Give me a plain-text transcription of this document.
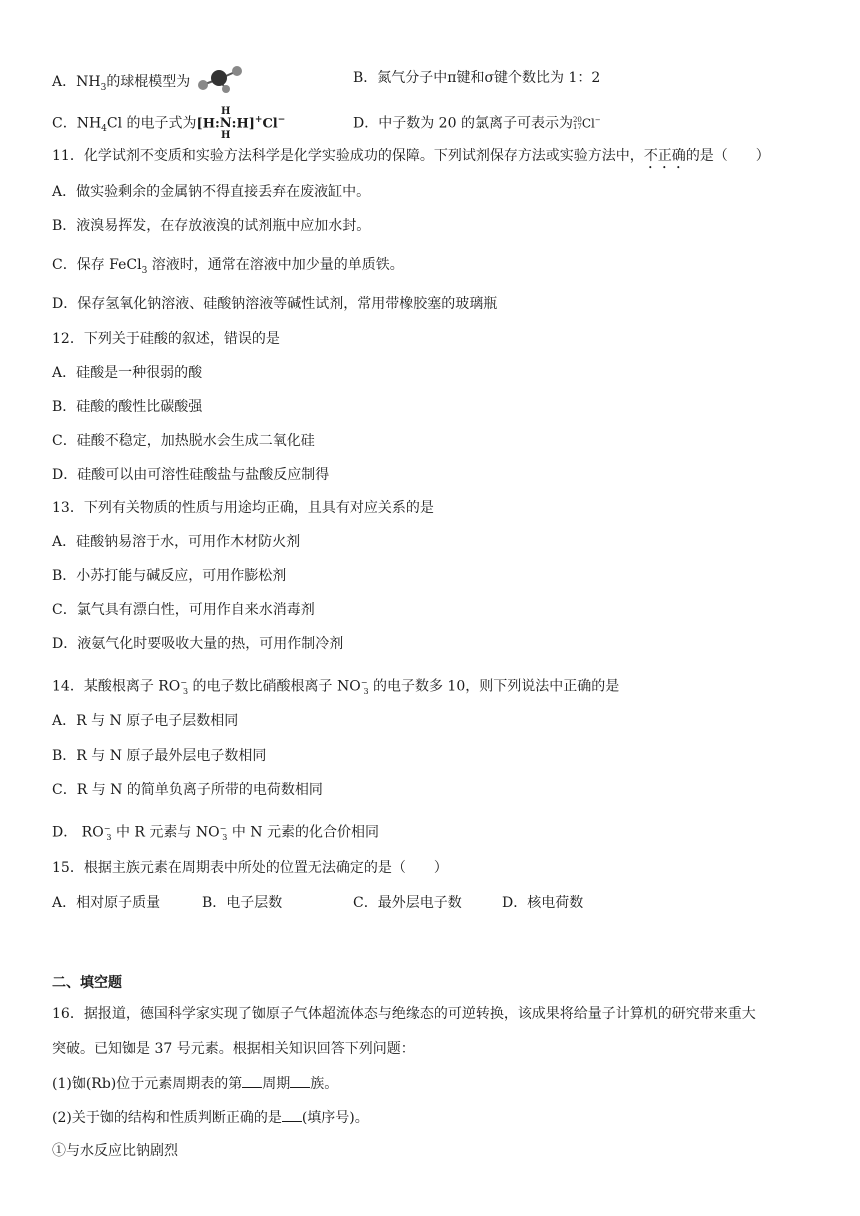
A．$NH_3$的球棍模型为	B．氮气分子中π键和σ键个数比为 1：2
C．$NH_4Cl$ 的电子式为[H:
H
N
H
:H]+Cl−	D．中子数为 20 的氯离子可表示为 20
17 Cl−
11．化学试剂不变质和实验方法科学是化学实验成功的保障。下列试剂保存方法或实验方法中，不正确的是（　　）
A．做实验剩余的金属钠不得直接丢弃在废液缸中。
B．液溴易挥发，在存放液溴的试剂瓶中应加水封。
C．保存 FeCl$_3$ 溶液时，通常在溶液中加少量的单质铁。
D．保存氢氧化钠溶液、硅酸钠溶液等碱性试剂，常用带橡胶塞的玻璃瓶
12．下列关于硅酸的叙述，错误的是
A．硅酸是一种很弱的酸
B．硅酸的酸性比碳酸强
C．硅酸不稳定，加热脱水会生成二氧化硅
D．硅酸可以由可溶性硅酸盐与盐酸反应制得
13．下列有关物质的性质与用途均正确，且具有对应关系的是
A．硅酸钠易溶于水，可用作木材防火剂
B．小苏打能与碱反应，可用作膨松剂
C．氯气具有漂白性，可用作自来水消毒剂
D．液氨气化时要吸收大量的热，可用作制冷剂
14．某酸根离子 $RO^-_3$ 的电子数比硝酸根离子 $NO^-_3$ 的电子数多 10，则下列说法中正确的是
A．R 与 N 原子电子层数相同
B．R 与 N 原子最外层电子数相同
C．R 与 N 的简单负离子所带的电荷数相同
D． $RO^-_3$ 中 R 元素与 $NO^-_3$ 中 N 元素的化合价相同
15．根据主族元素在周期表中所处的位置无法确定的是（　　）
A．相对原子质量	B．电子层数	C．最外层电子数	D．核电荷数
二、填空题
16．据报道，德国科学家实现了铷原子气体超流体态与绝缘态的可逆转换，该成果将给量子计算机的研究带来重大
突破。已知铷是 37 号元素。根据相关知识回答下列问题：
(1)铷(Rb)位于元素周期表的第 周期 族。
(2)关于铷的结构和性质判断正确的是 (填序号)。
①与水反应比钠剧烈
